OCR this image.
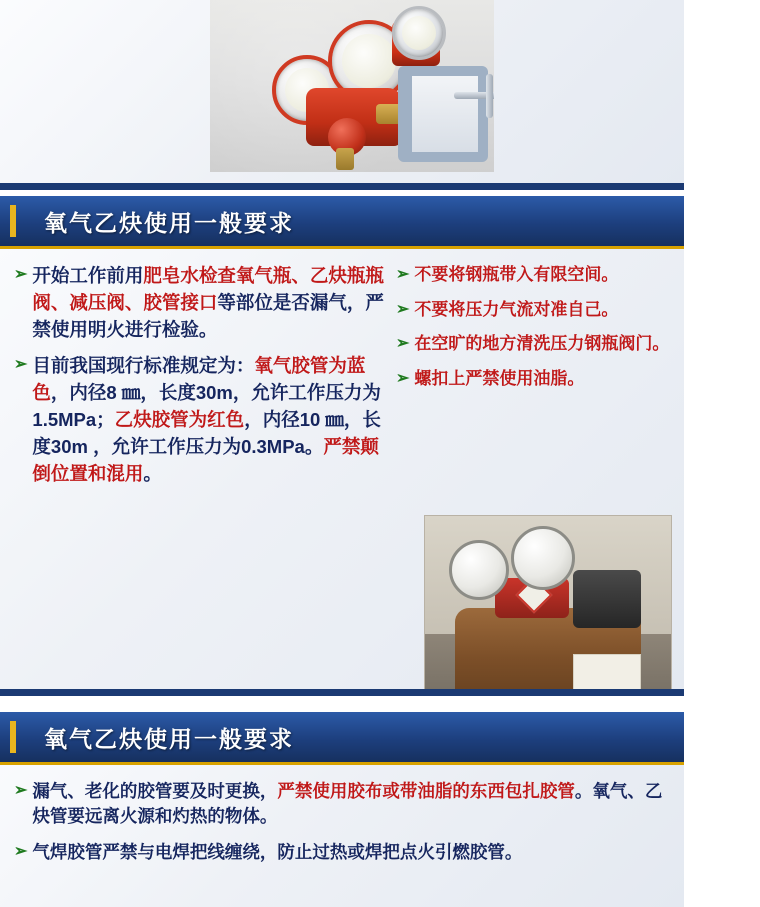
氧气乙炔使用一般要求
➢ 开始工作前用肥皂水检查氧气瓶、乙炔瓶瓶阀、减压阀、胶管接口等部位是否漏气，严禁使用明火进行检验。
➢ 目前我国现行标准规定为：氧气胶管为蓝色，内径8 ㎜，长度30m，允许工作压力为1.5MPa；乙炔胶管为红色，内径10 ㎜，长度30m ，允许工作压力为0.3MPa。严禁颠倒位置和混用。
➢ 不要将钢瓶带入有限空间。
➢ 不要将压力气流对准自己。
➢ 在空旷的地方清洗压力钢瓶阀门。
➢ 螺扣上严禁使用油脂。
氧气乙炔使用一般要求
➢ 漏气、老化的胶管要及时更换，严禁使用胶布或带油脂的东西包扎胶管。氧气、乙炔管要远离火源和灼热的物体。
➢ 气焊胶管严禁与电焊把线缠绕，防止过热或焊把点火引燃胶管。
